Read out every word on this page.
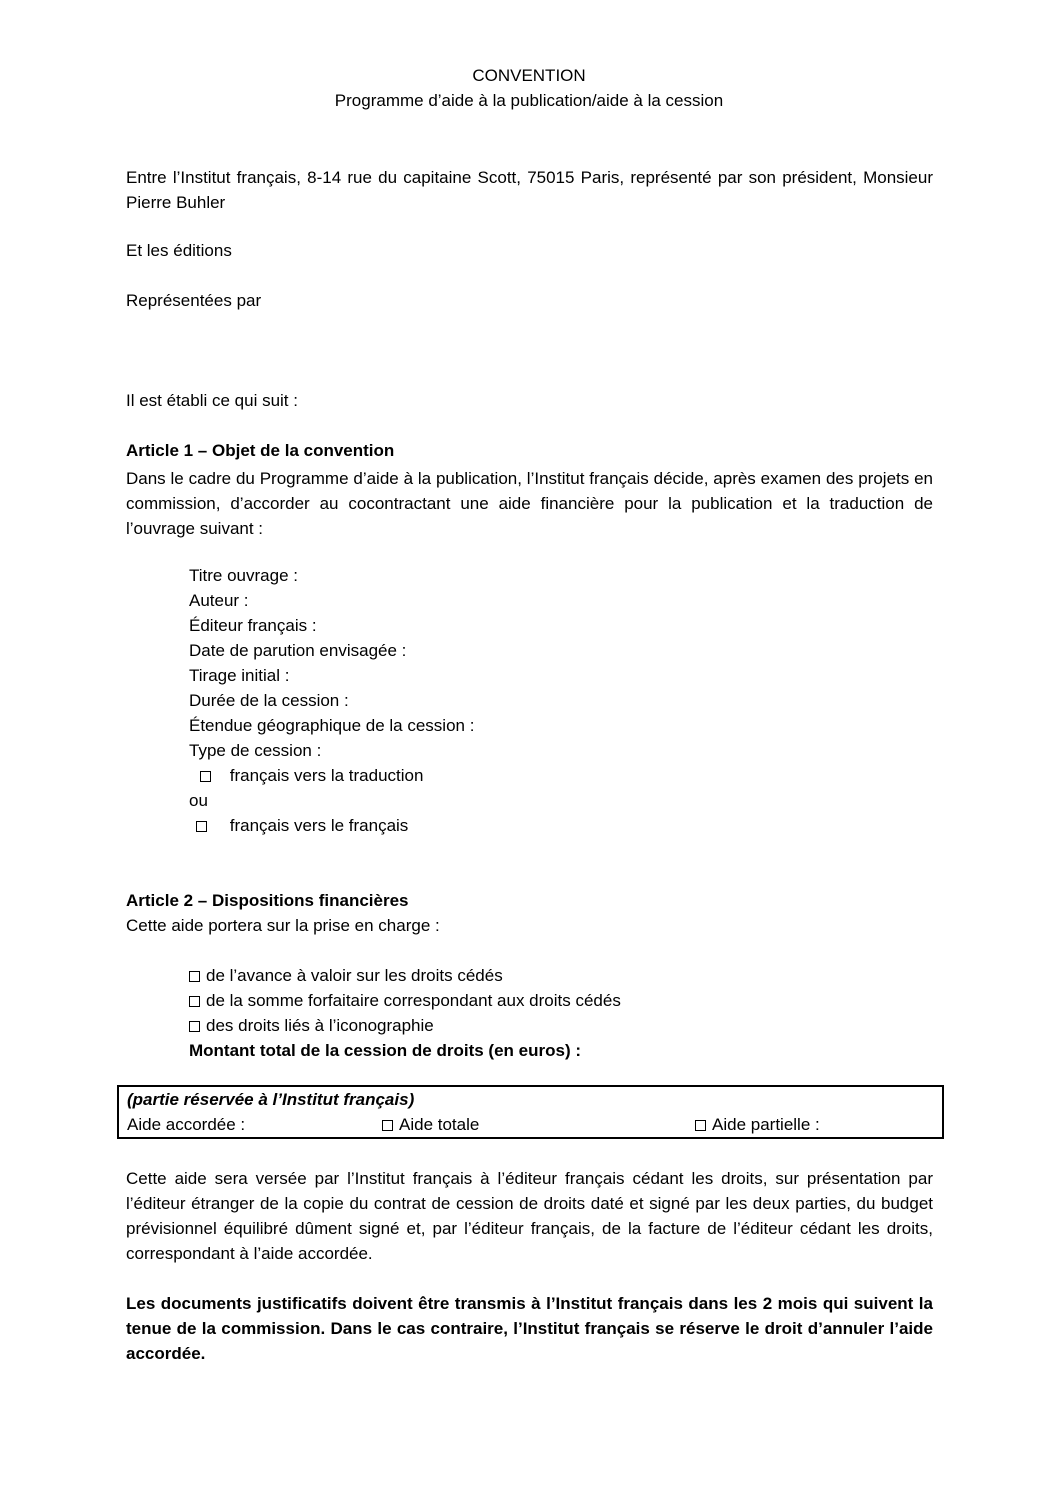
CONVENTION
Programme d’aide à la publication/aide à la cession
Entre l’Institut français, 8-14 rue du capitaine Scott, 75015 Paris, représenté par son président, Monsieur Pierre Buhler
Et les éditions
Représentées par
Il est établi ce qui suit :
Article 1 – Objet de la convention
Dans le cadre du Programme d’aide à la publication, l’Institut français décide, après examen des projets en commission, d’accorder au cocontractant une aide financière pour la publication et la traduction de l’ouvrage suivant :
Titre ouvrage :
Auteur :
Éditeur français :
Date de parution envisagée :
Tirage initial :
Durée de la cession :
Étendue géographique de la cession :
Type de cession :
français vers la traduction
ou
français vers le français
Article 2 – Dispositions financières
Cette aide portera sur la prise en charge :
de l’avance à valoir sur les droits cédés
de la somme forfaitaire correspondant aux droits cédés
des droits liés à l’iconographie
Montant total de la cession de droits (en euros) :
(partie réservée à l’Institut français)
Aide accordée :	Aide totale	Aide partielle :
Cette aide sera versée par l’Institut français à l’éditeur français cédant les droits, sur présentation par l’éditeur étranger de la copie du contrat de cession de droits daté et signé par les deux parties, du budget prévisionnel équilibré dûment signé et, par l’éditeur français, de la facture de l’éditeur cédant les droits, correspondant à l’aide accordée.
Les documents justificatifs doivent être transmis à l’Institut français dans les 2 mois qui suivent la tenue de la commission. Dans le cas contraire, l’Institut français se réserve le droit d’annuler l’aide accordée.
